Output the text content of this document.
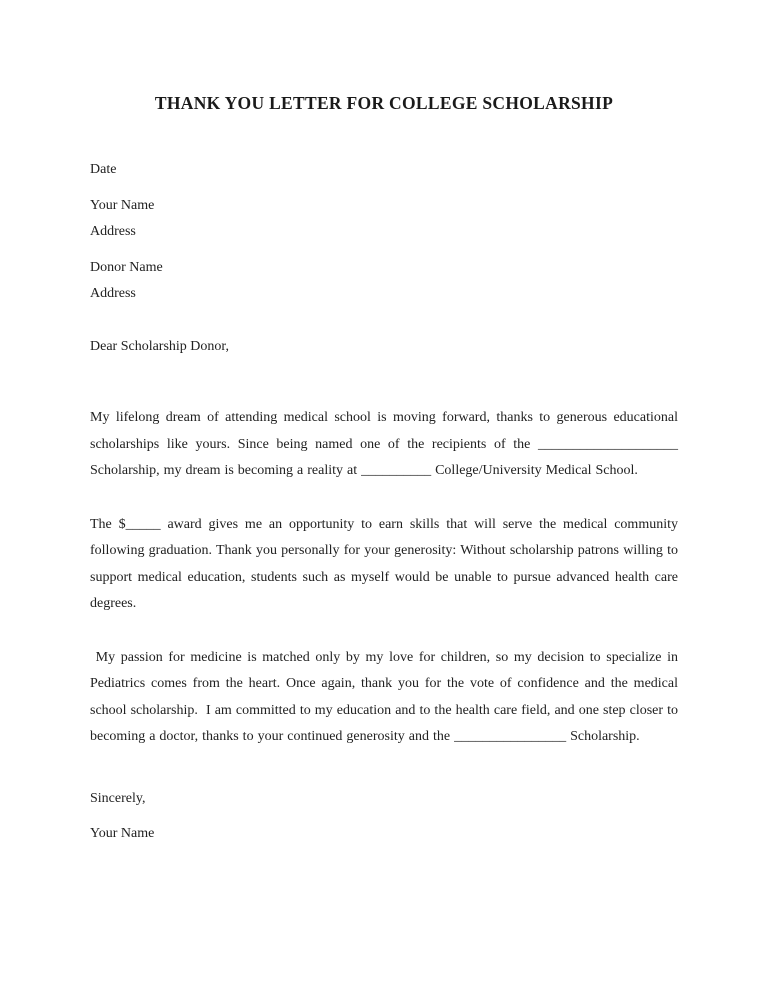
THANK YOU LETTER FOR COLLEGE SCHOLARSHIP
Date
Your Name
Address
Donor Name
Address
Dear Scholarship Donor,

My lifelong dream of attending medical school is moving forward, thanks to generous educational scholarships like yours. Since being named one of the recipients of the ____________________ Scholarship, my dream is becoming a reality at __________ College/University Medical School.

The $_____ award gives me an opportunity to earn skills that will serve the medical community following graduation. Thank you personally for your generosity: Without scholarship patrons willing to support medical education, students such as myself would be unable to pursue advanced health care degrees.

My passion for medicine is matched only by my love for children, so my decision to specialize in Pediatrics comes from the heart. Once again, thank you for the vote of confidence and the medical school scholarship.  I am committed to my education and to the health care field, and one step closer to becoming a doctor, thanks to your continued generosity and the ________________ Scholarship.

Sincerely,
Your Name
